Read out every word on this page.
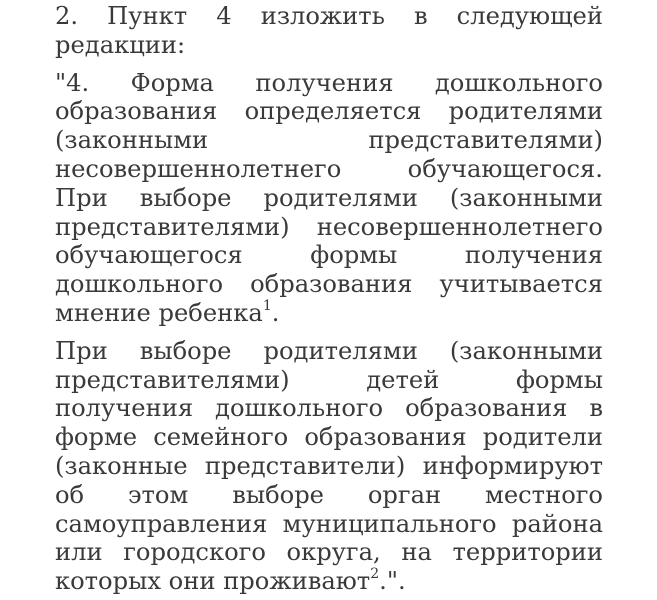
2. Пункт 4 изложить в следующей редакции:

"4. Форма получения дошкольного образования определяется родителями (законными представителями) несовершеннолетнего обучающегося. При выборе родителями (законными представителями) несовершеннолетнего обучающегося формы получения дошкольного образования учитывается мнение ребенка$^1$.

При выборе родителями (законными представителями) детей формы получения дошкольного образования в форме семейного образования родители (законные представители) информируют об этом выборе орган местного самоуправления муниципального района или городского округа, на территории которых они проживают$^2$.".
